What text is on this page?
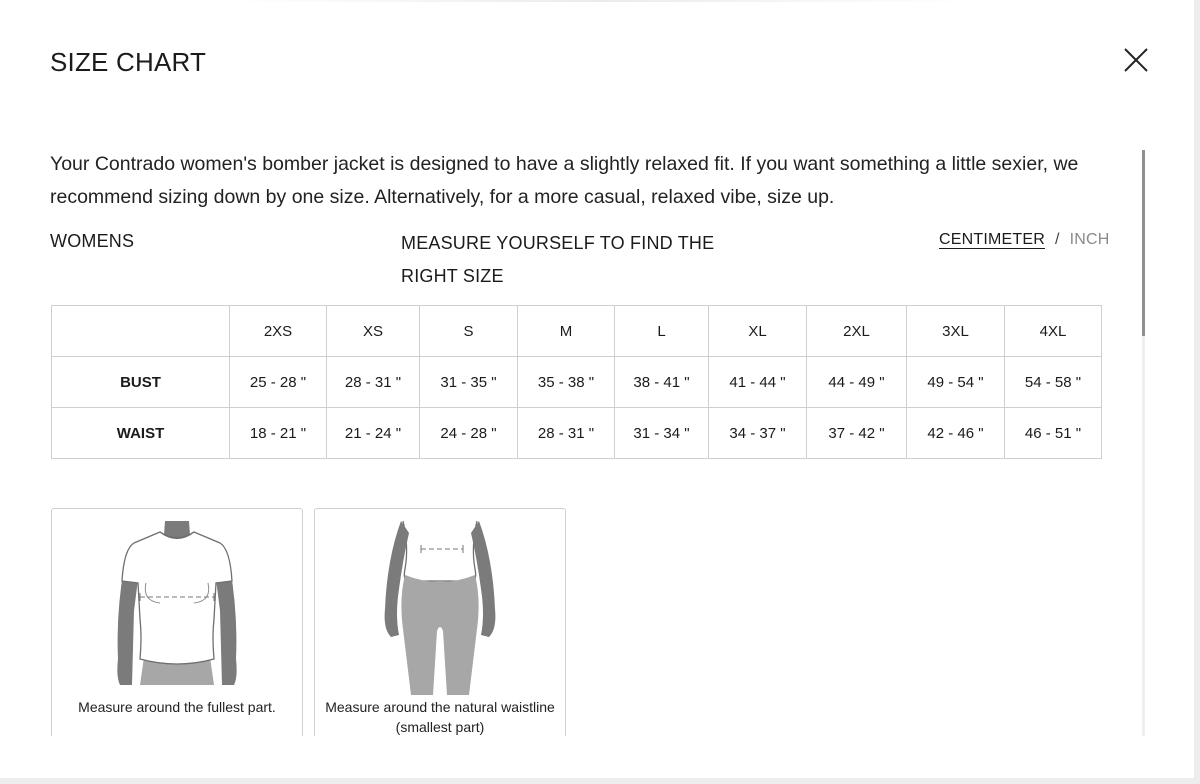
SIZE CHART
Your Contrado women's bomber jacket is designed to have a slightly relaxed fit. If you want something a little sexier, we recommend sizing down by one size. Alternatively, for a more casual, relaxed vibe, size up.
WOMENS	MEASURE YOURSELF TO FIND THE RIGHT SIZE
CENTIMETER / INCH
	2XS	XS	S	M	L	XL	2XL	3XL	4XL
BUST	25 - 28 "	28 - 31 "	31 - 35 "	35 - 38 "	38 - 41 "	41 - 44 "	44 - 49 "	49 - 54 "	54 - 58 "
WAIST	18 - 21 "	21 - 24 "	24 - 28 "	28 - 31 "	31 - 34 "	34 - 37 "	37 - 42 "	42 - 46 "	46 - 51 "
Measure around the fullest part.	Measure around the natural waistline (smallest part)
